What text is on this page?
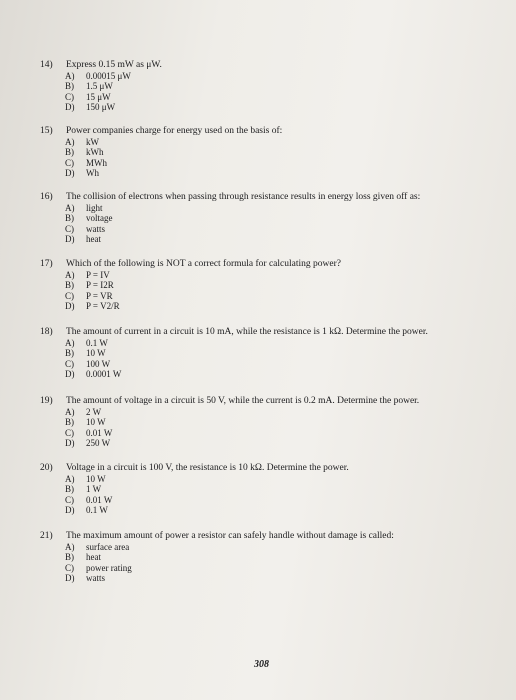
14)	Express 0.15 mW as μW.
A)	0.00015 μW
B)	1.5 μW
C)	15 μW
D)	150 μW
15)	Power companies charge for energy used on the basis of:
A)	kW
B)	kWh
C)	MWh
D)	Wh
16)	The collision of electrons when passing through resistance results in energy loss given off as:
A)	light
B)	voltage
C)	watts
D)	heat
17)	Which of the following is NOT a correct formula for calculating power?
A)	P = IV
B)	P = I2R
C)	P = VR
D)	P = V2/R
18)	The amount of current in a circuit is 10 mA, while the resistance is 1 kΩ. Determine the power.
A)	0.1 W
B)	10 W
C)	100 W
D)	0.0001 W
19)	The amount of voltage in a circuit is 50 V, while the current is 0.2 mA. Determine the power.
A)	2 W
B)	10 W
C)	0.01 W
D)	250 W
20)	Voltage in a circuit is 100 V, the resistance is 10 kΩ. Determine the power.
A)	10 W
B)	1 W
C)	0.01 W
D)	0.1 W
21)	The maximum amount of power a resistor can safely handle without damage is called:
A)	surface area
B)	heat
C)	power rating
D)	watts
308
